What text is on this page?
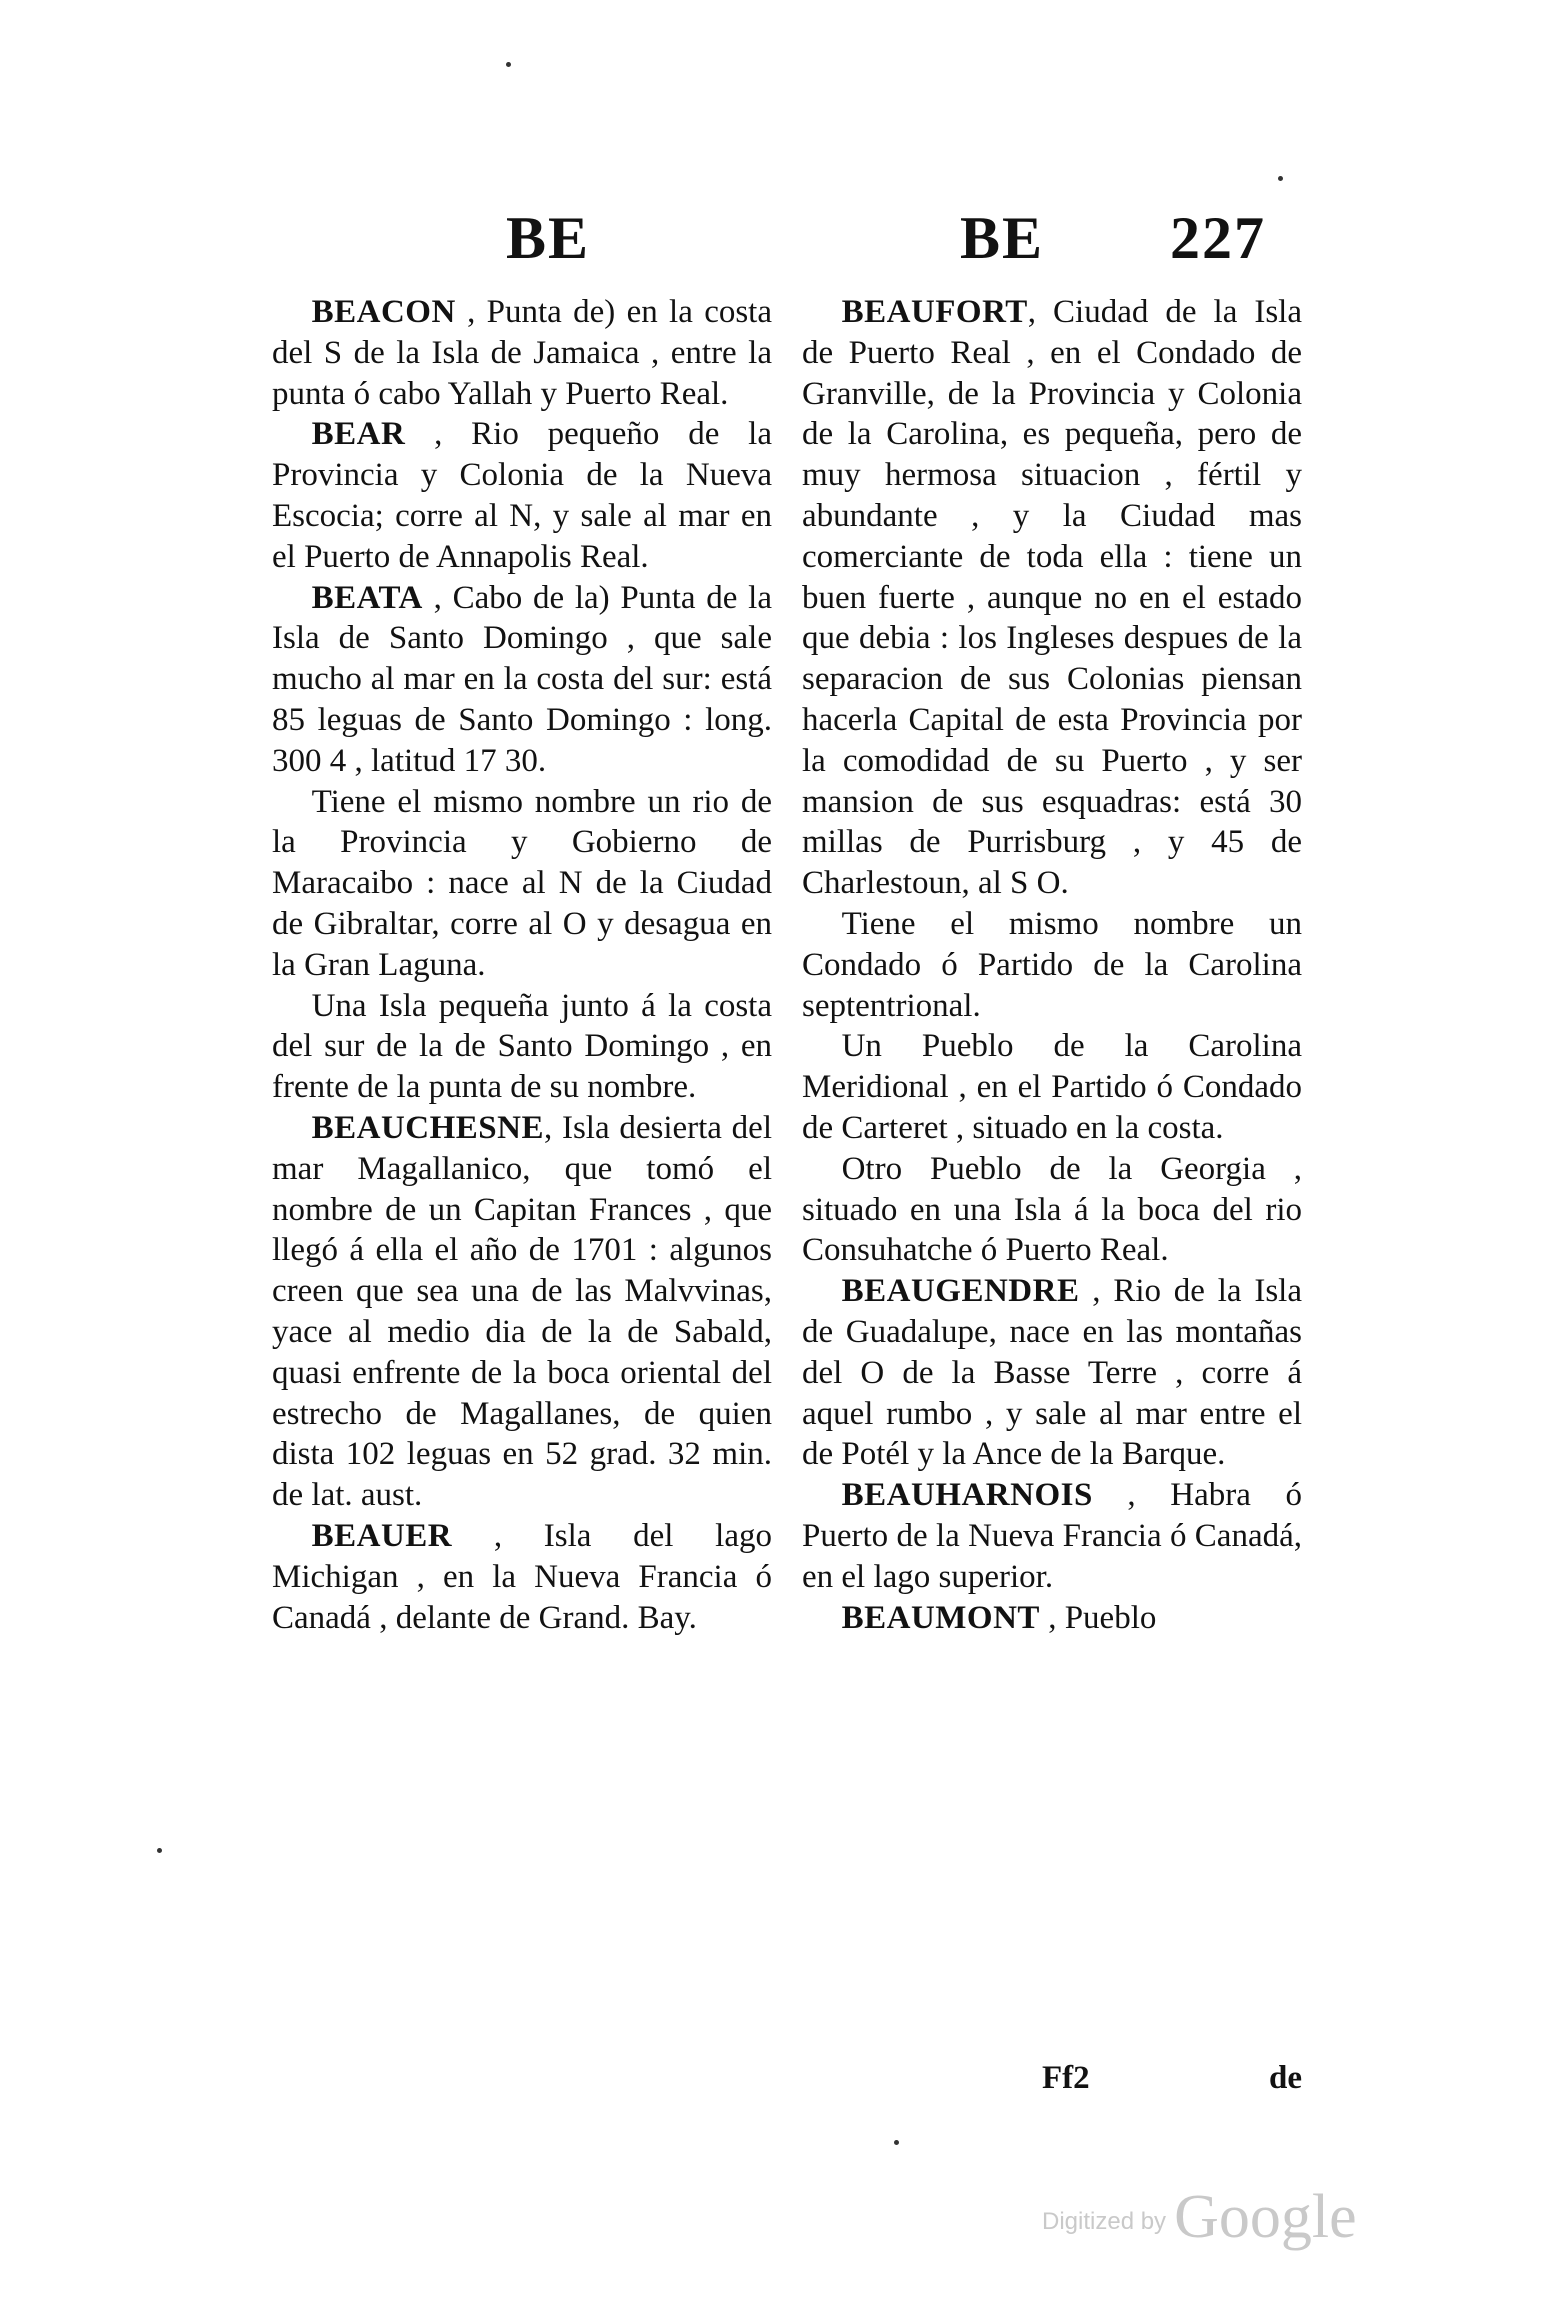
BE	BE 227

BEACON , Punta de) en la costa del S de la Isla de Jamaica , entre la punta ó cabo Yallah y Puerto Real.

BEAR , Rio pequeño de la Provincia y Colonia de la Nueva Escocia; corre al N, y sale al mar en el Puerto de Annapolis Real.

BEATA , Cabo de la) Punta de la Isla de Santo Domingo , que sale mucho al mar en la costa del sur: está 85 leguas de Santo Domingo : long. 300 4 , latitud 17 30.

Tiene el mismo nombre un rio de la Provincia y Gobierno de Maracaibo : nace al N de la Ciudad de Gibraltar, corre al O y desagua en la Gran Laguna.

Una Isla pequeña junto á la costa del sur de la de Santo Domingo , en frente de la punta de su nombre.

BEAUCHESNE, Isla desierta del mar Magallanico, que tomó el nombre de un Capitan Frances , que llegó á ella el año de 1701 : algunos creen que sea una de las Malvvinas, yace al medio dia de la de Sabald, quasi enfrente de la boca oriental del estrecho de Magallanes, de quien dista 102 leguas en 52 grad. 32 min. de lat. aust.

BEAUER , Isla del lago Michigan , en la Nueva Francia ó Canadá , delante de Grand. Bay.

BEAUFORT, Ciudad de la Isla de Puerto Real , en el Condado de Granville, de la Provincia y Colonia de la Carolina, es pequeña, pero de muy hermosa situacion , fértil y abundante , y la Ciudad mas comerciante de toda ella : tiene un buen fuerte , aunque no en el estado que debia : los Ingleses despues de la separacion de sus Colonias piensan hacerla Capital de esta Provincia por la comodidad de su Puerto , y ser mansion de sus esquadras: está 30 millas de Purrisburg , y 45 de Charlestoun, al S O.

Tiene el mismo nombre un Condado ó Partido de la Carolina septentrional.

Un Pueblo de la Carolina Meridional , en el Partido ó Condado de Carteret , situado en la costa.

Otro Pueblo de la Georgia , situado en una Isla á la boca del rio Consuhatche ó Puerto Real.

BEAUGENDRE , Rio de la Isla de Guadalupe, nace en las montañas del O de la Basse Terre , corre á aquel rumbo , y sale al mar entre el de Potél y la Ance de la Barque.

BEAUHARNOIS , Habra ó Puerto de la Nueva Francia ó Canadá, en el lago superior.

BEAUMONT , Pueblo

Ff2	de
Digitized by Google
